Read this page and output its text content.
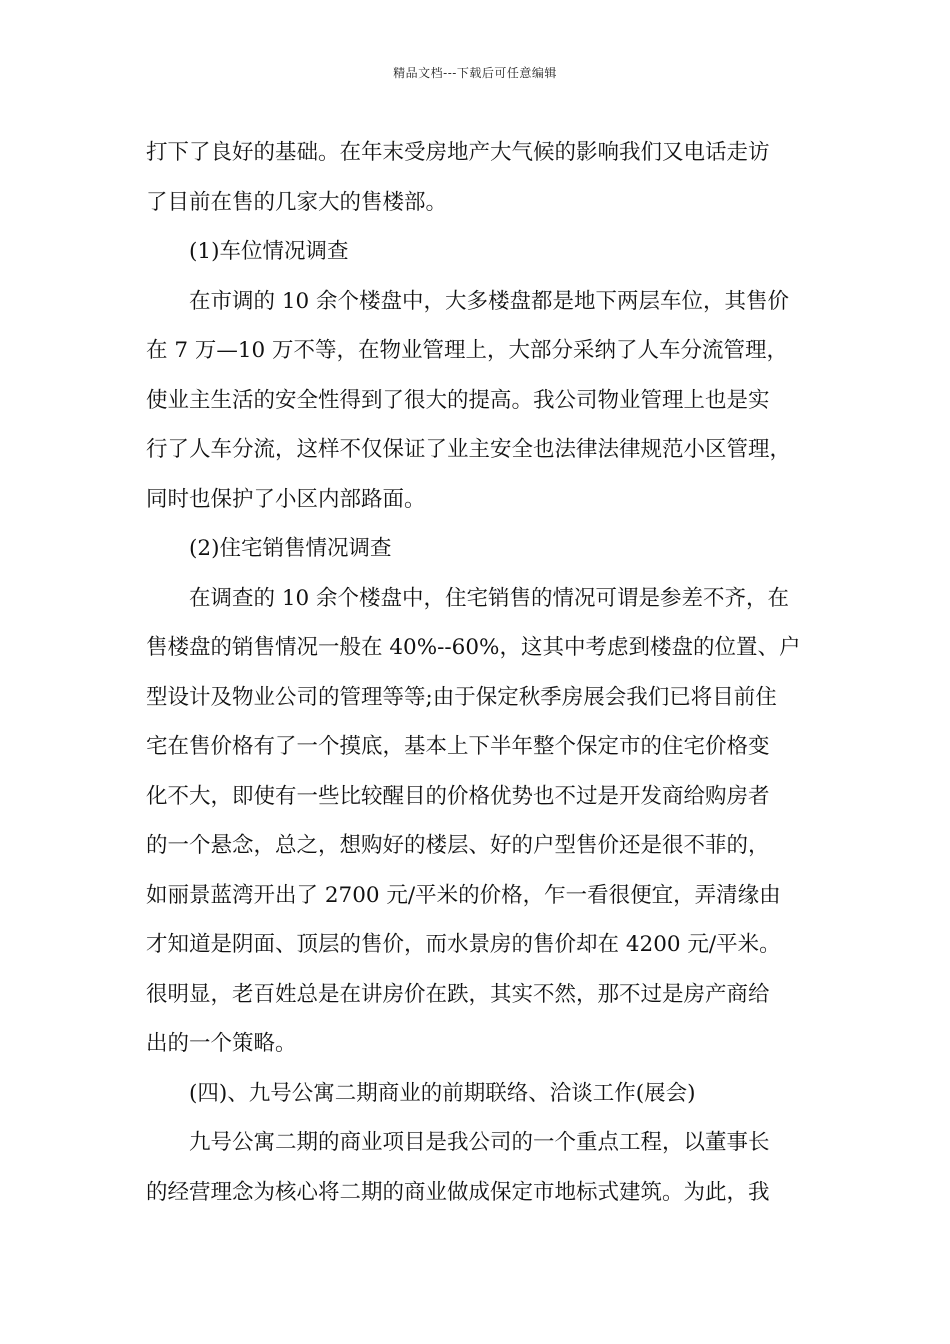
精品文档---下载后可任意编辑
打下了良好的基础。在年末受房地产大气候的影响我们又电话走访
了目前在售的几家大的售楼部。
(1)车位情况调查
在市调的 10 余个楼盘中，大多楼盘都是地下两层车位，其售价
在 7 万—10 万不等，在物业管理上，大部分采纳了人车分流管理，
使业主生活的安全性得到了很大的提高。我公司物业管理上也是实
行了人车分流，这样不仅保证了业主安全也法律法律规范小区管理，
同时也保护了小区内部路面。
(2)住宅销售情况调查
在调查的 10 余个楼盘中，住宅销售的情况可谓是参差不齐，在
售楼盘的销售情况一般在 40%--60%，这其中考虑到楼盘的位置、户
型设计及物业公司的管理等等;由于保定秋季房展会我们已将目前住
宅在售价格有了一个摸底，基本上下半年整个保定市的住宅价格变
化不大，即使有一些比较醒目的价格优势也不过是开发商给购房者
的一个悬念，总之，想购好的楼层、好的户型售价还是很不菲的，
如丽景蓝湾开出了 2700 元/平米的价格，乍一看很便宜，弄清缘由
才知道是阴面、顶层的售价，而水景房的售价却在 4200 元/平米。
很明显，老百姓总是在讲房价在跌，其实不然，那不过是房产商给
出的一个策略。
(四)、九号公寓二期商业的前期联络、洽谈工作(展会)
九号公寓二期的商业项目是我公司的一个重点工程，以董事长
的经营理念为核心将二期的商业做成保定市地标式建筑。为此，我
